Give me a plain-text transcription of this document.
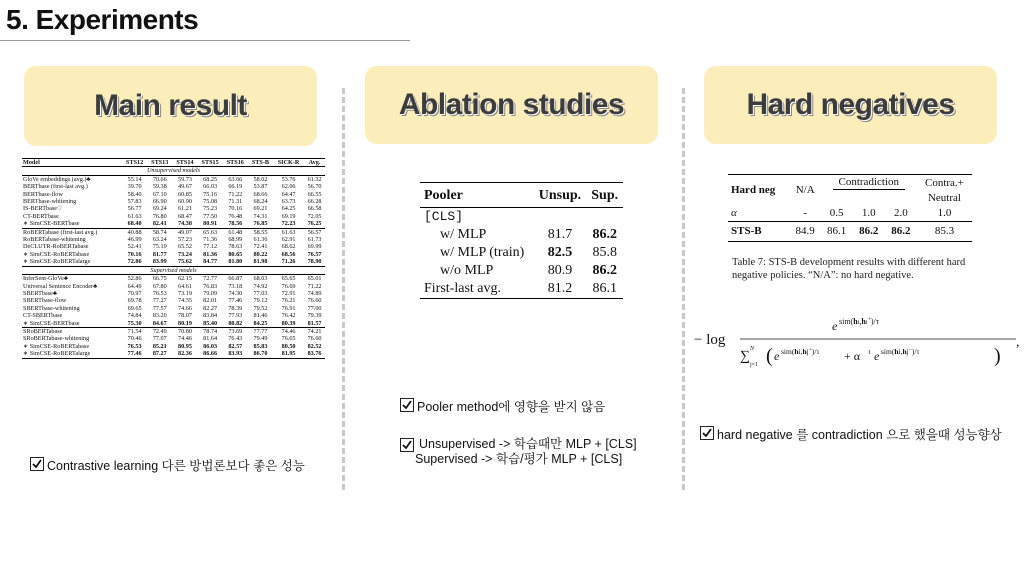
5. Experiments
Main result	Ablation studies	Hard negatives
Model	STS12	STS13	STS14	STS15	STS16	STS-B	SICK-R	Avg.
Unsupervised models								
GloVe embeddings (avg.)♣	55.14	70.66	59.73	68.25	63.66	58.02	53.76	61.32
BERTbase (first-last avg.)	39.70	59.38	49.67	66.03	66.19	53.87	62.06	56.70
BERTbase-flow	58.40	67.10	60.85	75.16	71.22	68.66	64.47	66.55
BERTbase-whitening	57.83	66.90	60.90	75.08	71.31	68.24	63.73	66.28
IS-BERTbase♡	56.77	69.24	61.21	75.23	70.16	69.21	64.25	66.58
CT-BERTbase	61.63	76.80	68.47	77.50	76.48	74.31	69.19	72.05
∗ SimCSE-BERTbase	68.40	82.41	74.38	80.91	78.56	76.85	72.23	76.25
RoBERTabase (first-last avg.)	40.88	58.74	49.07	65.63	61.48	58.55	61.63	56.57
RoBERTabase-whitening	46.99	63.24	57.23	71.36	68.99	61.36	62.91	61.73
DeCLUTR-RoBERTabase	52.41	75.19	65.52	77.12	78.63	72.41	68.62	69.99
∗ SimCSE-RoBERTabase	70.16	81.77	73.24	81.36	80.65	80.22	68.56	76.57
∗ SimCSE-RoBERTalarge	72.86	83.99	75.62	84.77	81.80	81.98	71.26	78.90
Supervised models								
InferSent-GloVe♣	52.86	66.75	62.15	72.77	66.87	68.03	65.65	65.01
Universal Sentence Encoder♣	64.49	67.80	64.61	76.83	73.18	74.92	76.69	71.22
SBERTbase♣	70.97	76.53	73.19	79.09	74.30	77.03	72.91	74.89
SBERTbase-flow	69.78	77.27	74.35	82.01	77.46	79.12	76.21	76.60
SBERTbase-whitening	69.65	77.57	74.66	82.27	78.39	79.52	76.91	77.00
CT-SBERTbase	74.84	83.20	78.07	83.84	77.93	81.46	76.42	79.39
∗ SimCSE-BERTbase	75.30	84.67	80.19	85.40	80.82	84.25	80.39	81.57
SRoBERTabase	71.54	72.49	70.80	78.74	73.69	77.77	74.46	74.21
SRoBERTabase-whitening	70.46	77.07	74.46	81.64	76.43	79.49	76.65	76.60
∗ SimCSE-RoBERTabase	76.53	85.21	80.95	86.03	82.57	85.83	80.50	82.52
∗ SimCSE-RoBERTalarge	77.46	87.27	82.36	86.66	83.93	86.70	81.95	83.76
Contrastive learning 다른 방법론보다 좋은 성능
Pooler	Unsup.	Sup.
[CLS]		
w/ MLP	81.7	86.2
w/ MLP (train)	82.5	85.8
w/o MLP	80.9	86.2
First-last avg.	81.2	86.1
Pooler method에 영향을 받지 않음
Unsupervised -> 학습때만 MLP + [CLS]
Supervised -> 학습/평가 MLP + [CLS]
Hard neg	N/A	Contradiction			Contra.+
					Neutral
α	-	0.5	1.0	2.0	1.0
STS-B	84.9	86.1	86.2	86.2	85.3
Table 7: STS-B development results with different hard negative policies. “N/A”: no hard negative.
− log
e sim(hi,hi+)/τ
∑ N
j=1 ( e sim(hi,hj+)/τ + α 1 e sim(hi,hj−)/τ	)
,
hard negative 를 contradiction 으로 했을때 성능향상
